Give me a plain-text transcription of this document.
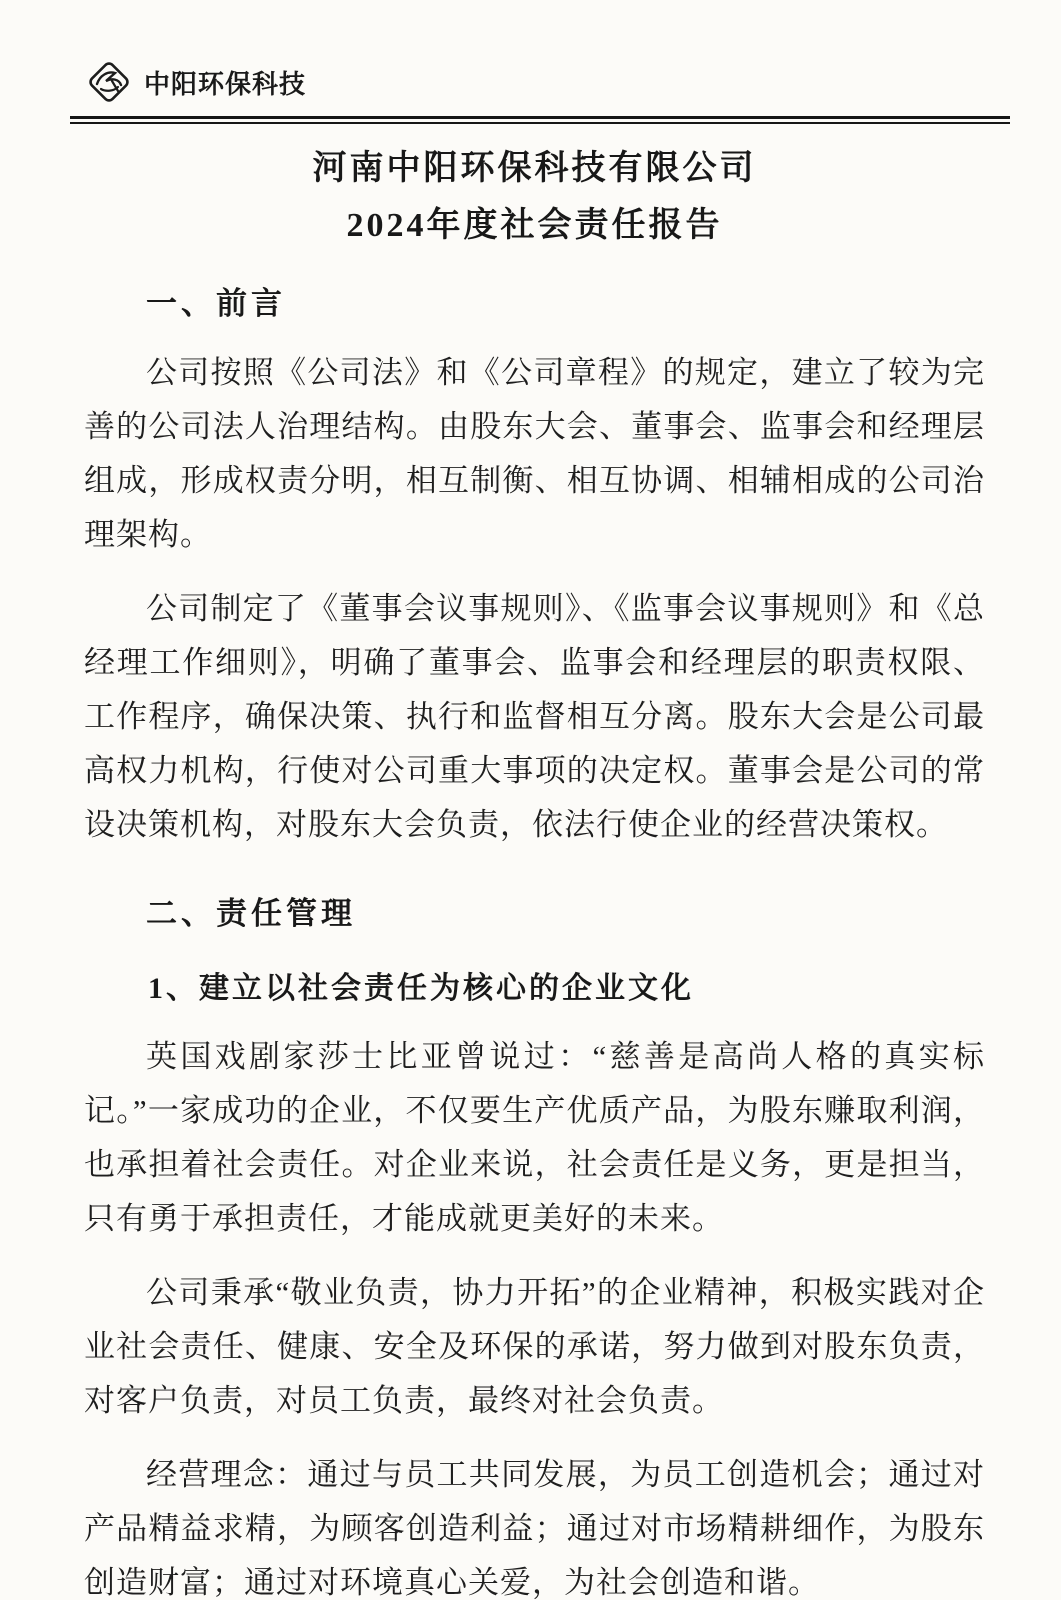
中阳环保科技
河南中阳环保科技有限公司
2024年度社会责任报告
一、前言

公司按照《公司法》和《公司章程》的规定，建立了较为完善的公司法人治理结构。由股东大会、董事会、监事会和经理层组成，形成权责分明，相互制衡、相互协调、相辅相成的公司治理架构。

公司制定了《董事会议事规则》、《监事会议事规则》和《总经理工作细则》，明确了董事会、监事会和经理层的职责权限、工作程序，确保决策、执行和监督相互分离。股东大会是公司最高权力机构，行使对公司重大事项的决定权。董事会是公司的常设决策机构，对股东大会负责，依法行使企业的经营决策权。

二、责任管理
1、建立以社会责任为核心的企业文化

英国戏剧家莎士比亚曾说过：“慈善是高尚人格的真实标记。”一家成功的企业，不仅要生产优质产品，为股东赚取利润，也承担着社会责任。对企业来说，社会责任是义务，更是担当，只有勇于承担责任，才能成就更美好的未来。

公司秉承“敬业负责，协力开拓”的企业精神，积极实践对企业社会责任、健康、安全及环保的承诺，努力做到对股东负责，对客户负责，对员工负责，最终对社会负责。

经营理念：通过与员工共同发展，为员工创造机会；通过对产品精益求精，为顾客创造利益；通过对市场精耕细作，为股东创造财富；通过对环境真心关爱，为社会创造和谐。
